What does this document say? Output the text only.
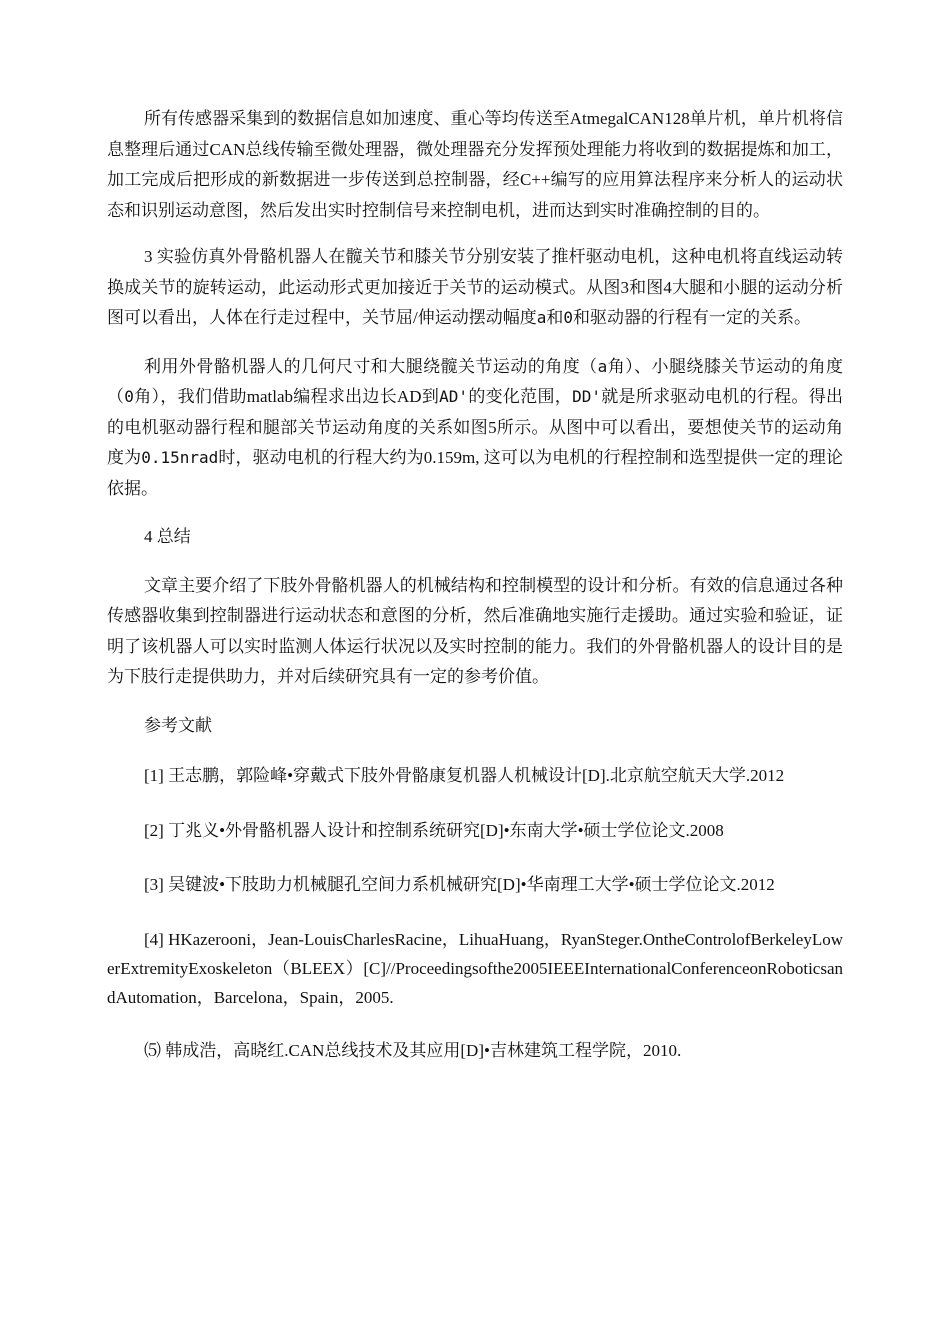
所有传感器采集到的数据信息如加速度、重心等均传送至AtmegalCAN128单片机，单片机将信息整理后通过CAN总线传输至微处理器，微处理器充分发挥预处理能力将收到的数据提炼和加工，加工完成后把形成的新数据进一步传送到总控制器，经C++编写的应用算法程序来分析人的运动状态和识别运动意图，然后发出实时控制信号来控制电机，进而达到实时准确控制的目的。

3 实验仿真外骨骼机器人在髋关节和膝关节分别安装了推杆驱动电机，这种电机将直线运动转换成关节的旋转运动，此运动形式更加接近于关节的运动模式。从图3和图4大腿和小腿的运动分析图可以看出，人体在行走过程中，关节屈/伸运动摆动幅度a和0和驱动器的行程有一定的关系。

利用外骨骼机器人的几何尺寸和大腿绕髋关节运动的角度（a角）、小腿绕膝关节运动的角度（0角），我们借助matlab编程求出边长AD到AD'的变化范围，DD'就是所求驱动电机的行程。得出的电机驱动器行程和腿部关节运动角度的关系如图5所示。从图中可以看出，要想使关节的运动角度为0.15nrad时，驱动电机的行程大约为0.159m, 这可以为电机的行程控制和选型提供一定的理论依据。

4 总结

文章主要介绍了下肢外骨骼机器人的机械结构和控制模型的设计和分析。有效的信息通过各种传感器收集到控制器进行运动状态和意图的分析，然后准确地实施行走援助。通过实验和验证，证明了该机器人可以实时监测人体运行状况以及实时控制的能力。我们的外骨骼机器人的设计目的是为下肢行走提供助力，并对后续研究具有一定的参考价值。

参考文献

[1] 王志鹏，郭险峰•穿戴式下肢外骨骼康复机器人机械设计[D].北京航空航天大学.2012

[2] 丁兆义•外骨骼机器人设计和控制系统研究[D]•东南大学•硕士学位论文.2008

[3] 吴键波•下肢助力机械腿孔空间力系机械研究[D]•华南理工大学•硕士学位论文.2012

[4] HKazerooni，Jean-LouisCharlesRacine，LihuaHuang，RyanSteger.OntheControlofBerkeleyLowerExtremityExoskeleton（BLEEX）[C]//Proceedingsofthe2005IEEEInternationalConferenceonRoboticsandAutomation，Barcelona，Spain，2005.

⑸ 韩成浩，高晓红.CAN总线技术及其应用[D]•吉林建筑工程学院，2010.
